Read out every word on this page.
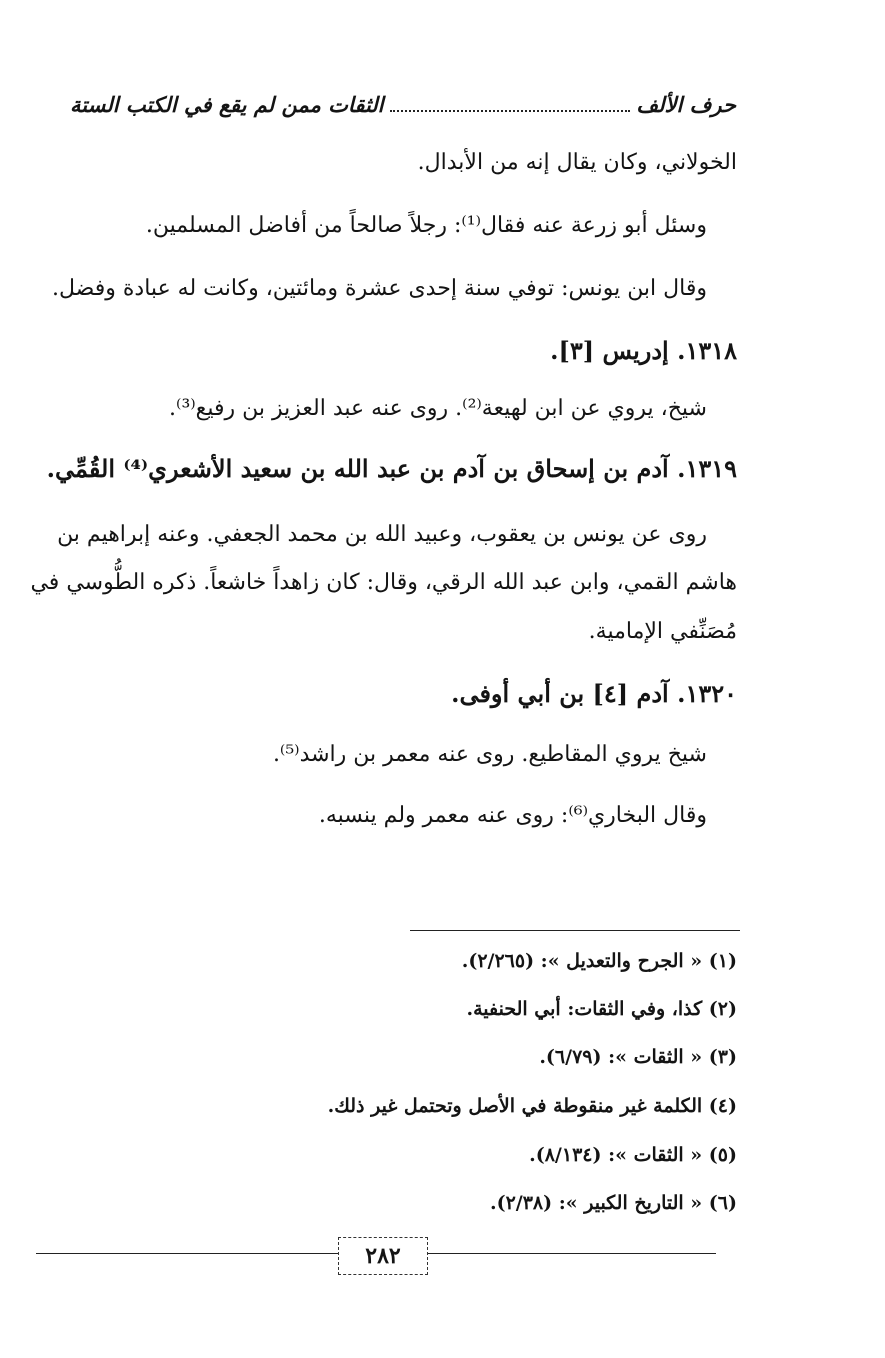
حرف الألف
الثقات ممن لم يقع في الكتب الستة
الخولاني، وكان يقال إنه من الأبدال.
وسئل أبو زرعة عنه فقال⁽¹⁾: رجلاً صالحاً من أفاضل المسلمين.
وقال ابن يونس: توفي سنة إحدى عشرة ومائتين، وكانت له عبادة وفضل.
١٣١٨. إدريس [٣].
شيخ، يروي عن ابن لهيعة⁽²⁾. روى عنه عبد العزيز بن رفيع⁽³⁾.
١٣١٩. آدم بن إسحاق بن آدم بن عبد الله بن سعيد الأشعري⁽⁴⁾ القُمِّي.
روى عن يونس بن يعقوب، وعبيد الله بن محمد الجعفي. وعنه إبراهيم بن
هاشم القمي، وابن عبد الله الرقي، وقال: كان زاهداً خاشعاً. ذكره الطُّوسي في
مُصَنِّفي الإمامية.
١٣٢٠. آدم [٤] بن أبي أوفى.
شيخ يروي المقاطيع. روى عنه معمر بن راشد⁽⁵⁾.
وقال البخاري⁽⁶⁾: روى عنه معمر ولم ينسبه.
(١) « الجرح والتعديل »: (٢/٢٦٥).
(٢) كذا، وفي الثقات: أبي الحنفية.
(٣) « الثقات »: (٦/٧٩).
(٤) الكلمة غير منقوطة في الأصل وتحتمل غير ذلك.
(٥) « الثقات »: (٨/١٣٤).
(٦) « التاريخ الكبير »: (٢/٣٨).
٢٨٢
